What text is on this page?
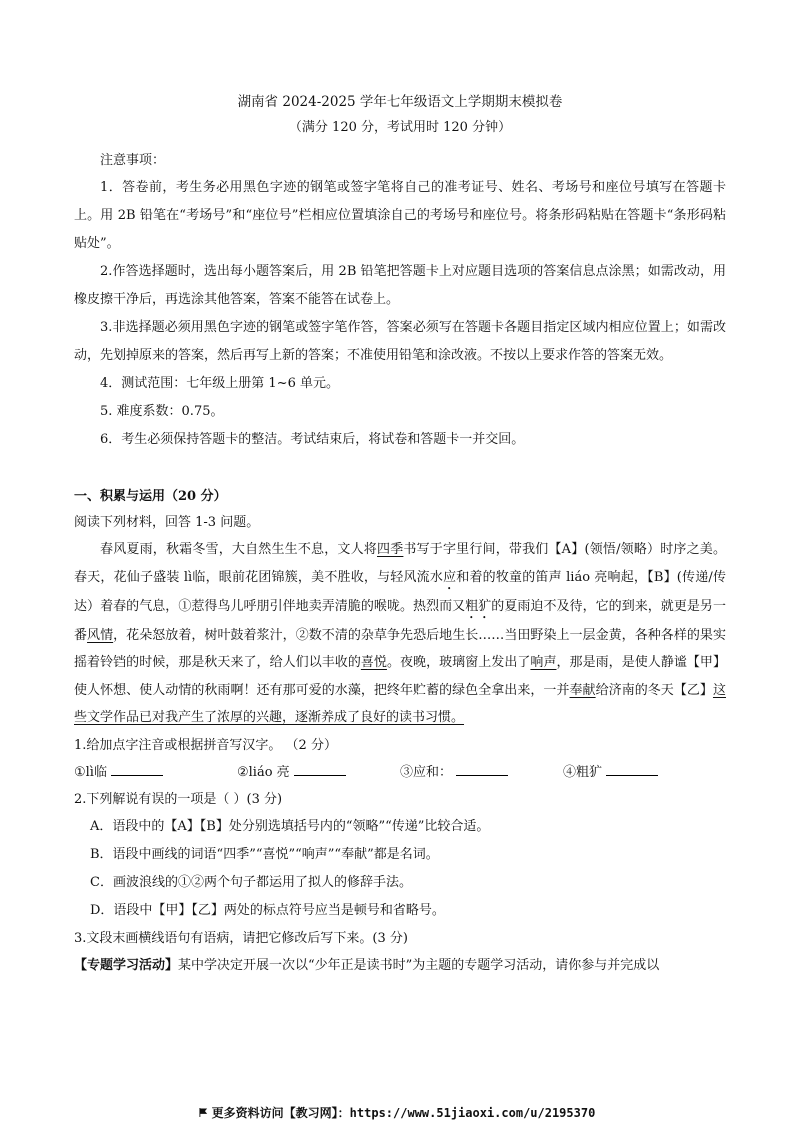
湖南省 2024-2025 学年七年级语文上学期期末模拟卷

（满分 120 分，考试用时 120 分钟）

注意事项：

1．答卷前，考生务必用黑色字迹的钢笔或签字笔将自己的准考证号、姓名、考场号和座位号填写在答题卡上。用 2B 铅笔在“考场号”和“座位号”栏相应位置填涂自己的考场号和座位号。将条形码粘贴在答题卡“条形码粘贴处”。

2.作答选择题时，选出每小题答案后，用 2B 铅笔把答题卡上对应题目选项的答案信息点涂黑；如需改动，用橡皮擦干净后，再选涂其他答案，答案不能答在试卷上。

3.非选择题必须用黑色字迹的钢笔或签字笔作答，答案必须写在答题卡各题目指定区域内相应位置上；如需改动，先划掉原来的答案，然后再写上新的答案；不准使用铅笔和涂改液。不按以上要求作答的答案无效。

4．测试范围：七年级上册第 1~6 单元。

5. 难度系数：0.75。

6．考生必须保持答题卡的整洁。考试结束后，将试卷和答题卡一并交回。

一、积累与运用（20 分）

阅读下列材料，回答 1-3 问题。

春风夏雨，秋霜冬雪，大自然生生不息，文人将四季书写于字里行间，带我们【A】(领悟/领略）时序之美。春天，花仙子盛装 lì临，眼前花团锦簇，美不胜收，与轻风流水应和着的牧童的笛声 liáo 亮响起，【B】(传递/传达）着春的气息，①惹得鸟儿呼朋引伴地卖弄清脆的喉咙。热烈而又粗犷的夏雨迫不及待，它的到来，就更是另一番风情，花朵怒放着，树叶鼓着浆汁，②数不清的杂草争先恐后地生长……当田野染上一层金黄，各种各样的果实摇着铃铛的时候，那是秋天来了，给人们以丰收的喜悦。夜晚，玻璃窗上发出了响声，那是雨，是使人静谧【甲】使人怀想、使人动情的秋雨啊！还有那可爱的水藻，把终年贮蓄的绿色全拿出来，一并奉献给济南的冬天【乙】这些文学作品已对我产生了浓厚的兴趣，逐渐养成了良好的读书习惯。

1.给加点字注音或根据拼音写汉字。 （2 分）

①lì临	②liáo 亮	③应和：	④粗犷

2.下列解说有误的一项是（ ）(3 分)

A．语段中的【A】【B】处分别选填括号内的“领略”“传递”比较合适。

B．语段中画线的词语“四季”“喜悦”“响声”“奉献”都是名词。

C．画波浪线的①②两个句子都运用了拟人的修辞手法。

D．语段中【甲】【乙】两处的标点符号应当是顿号和省略号。

3.文段末画横线语句有语病，请把它修改后写下来。(3 分)

【专题学习活动】某中学决定开展一次以“少年正是读书时”为主题的专题学习活动，请你参与并完成以

更多资料访问【教习网】：https://www.51jiaoxi.com/u/2195370
